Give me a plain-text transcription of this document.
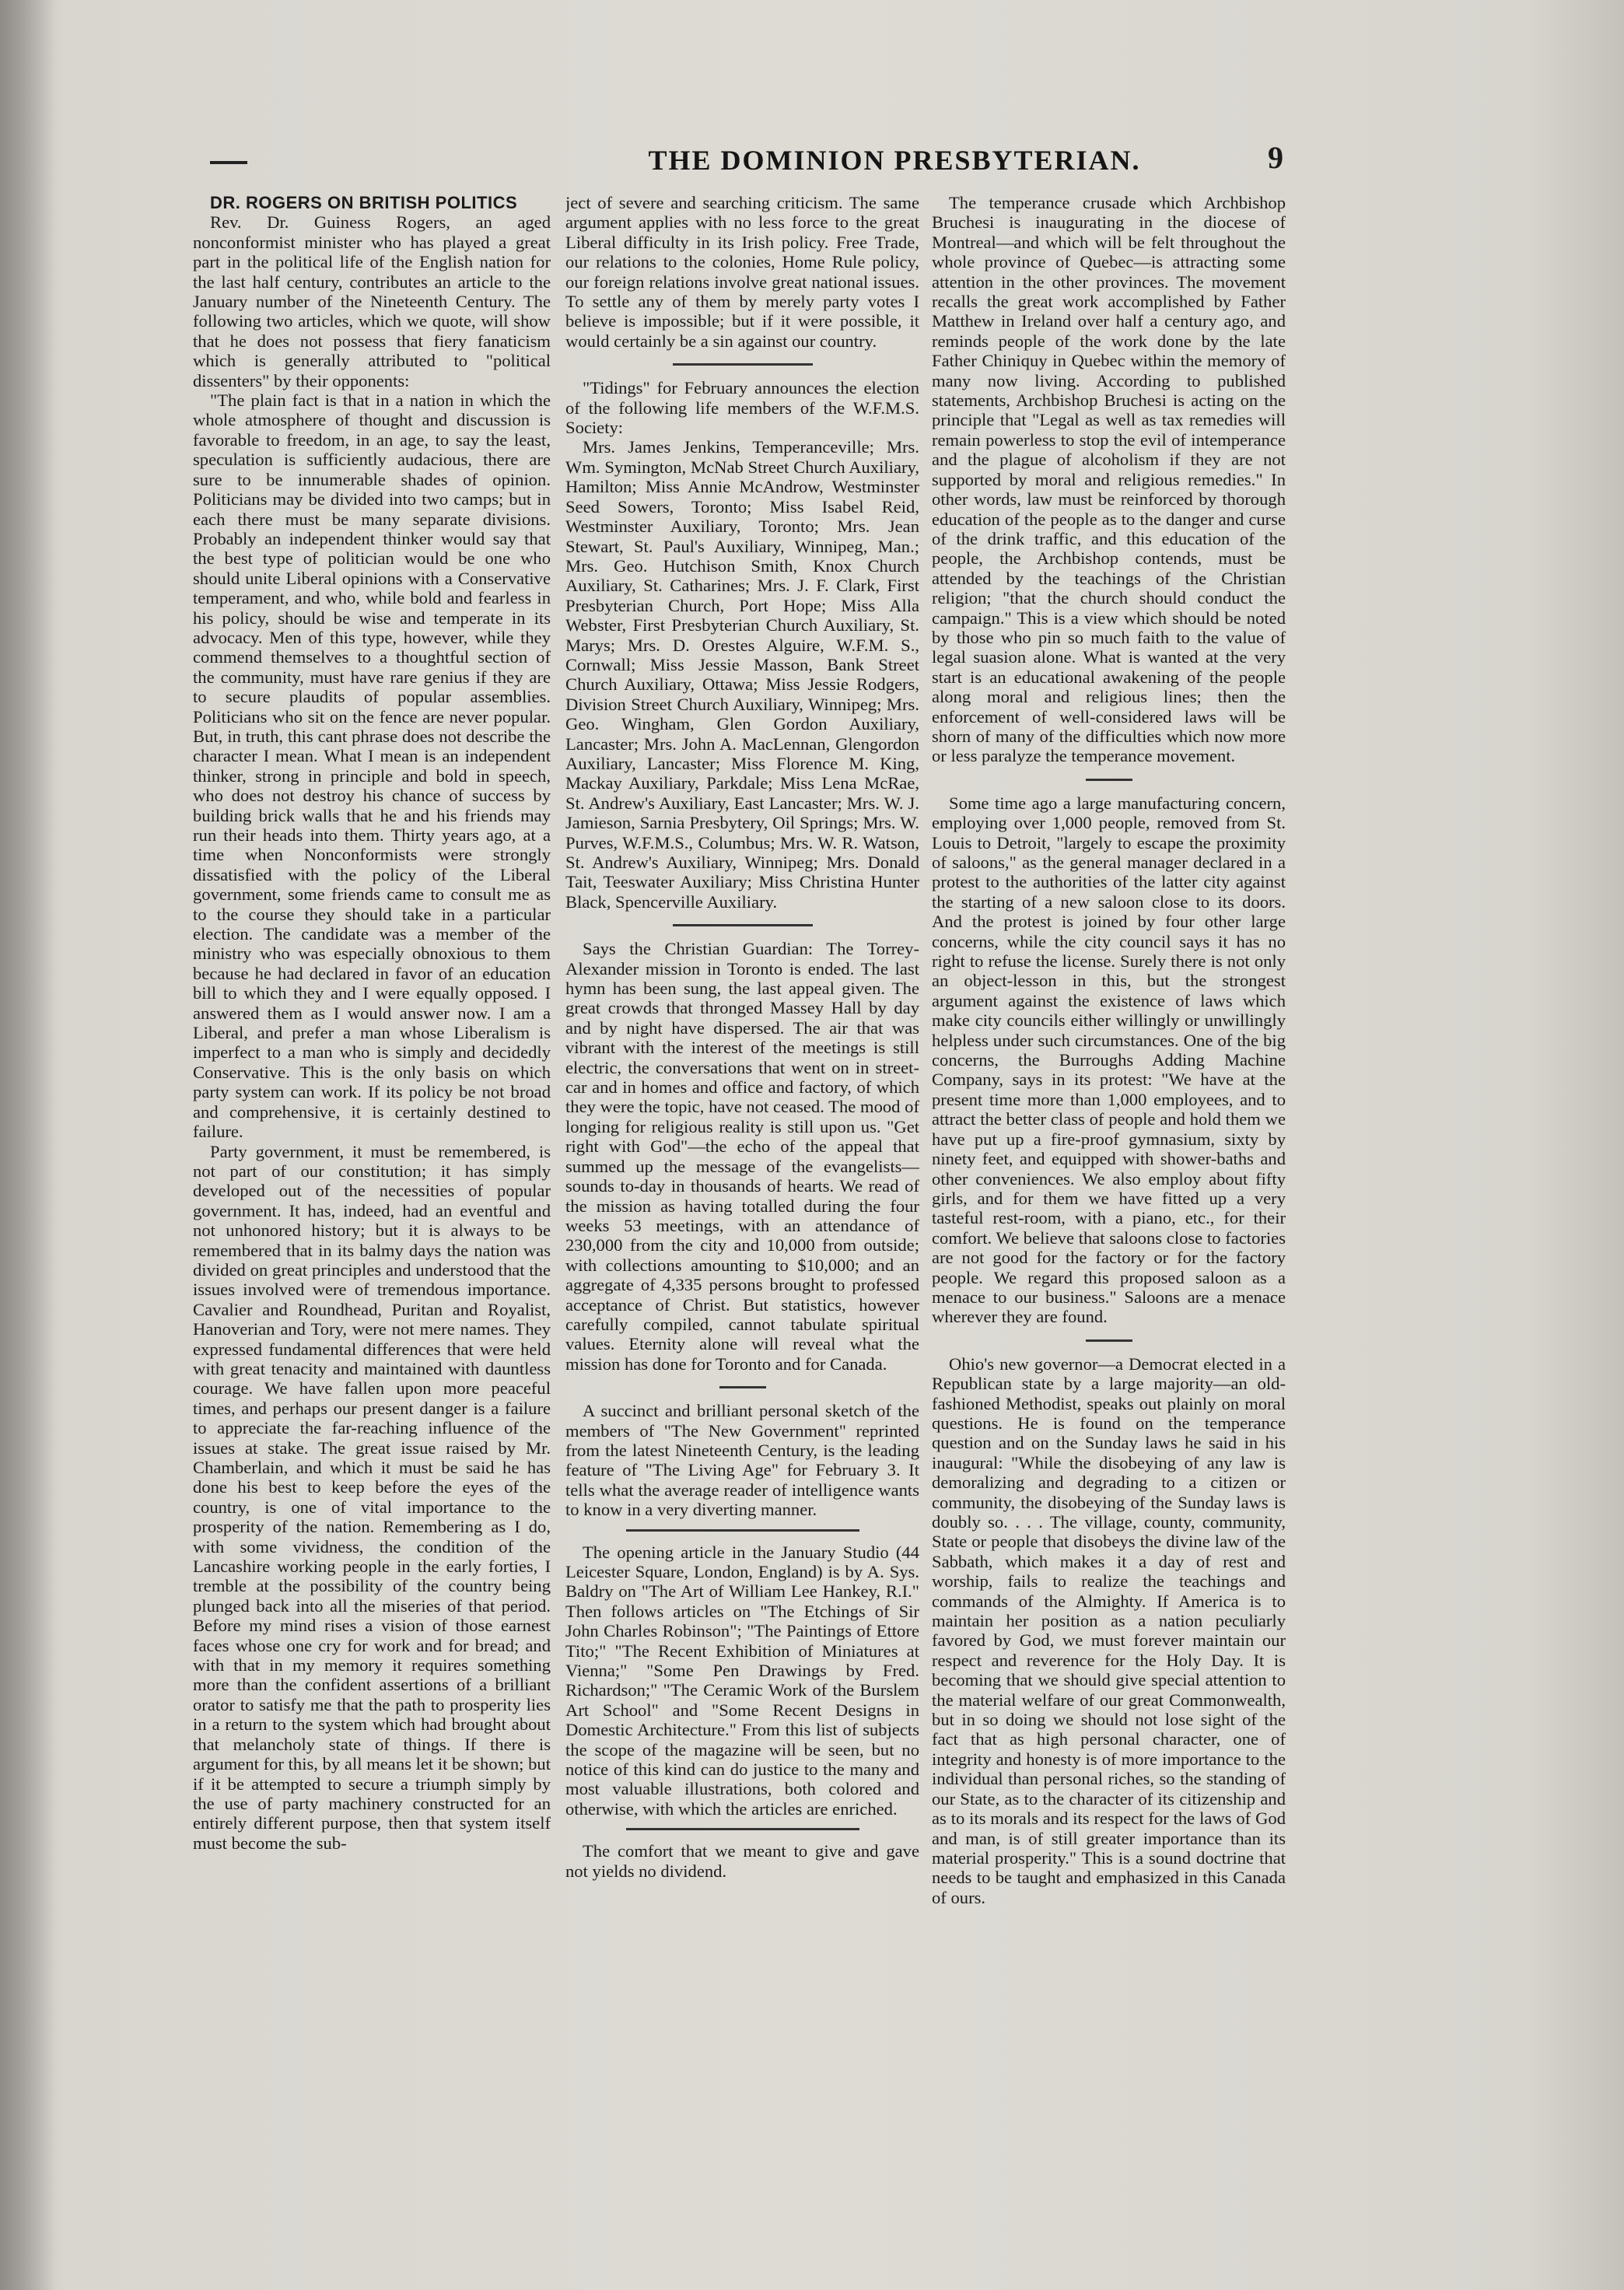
THE DOMINION PRESBYTERIAN.	9

DR. ROGERS ON BRITISH POLITICS

Rev. Dr. Guiness Rogers, an aged nonconformist minister who has played a great part in the political life of the English nation for the last half century, contributes an article to the January number of the Nineteenth Century. The following two articles, which we quote, will show that he does not possess that fiery fanaticism which is generally attributed to "political dissenters" by their opponents:

"The plain fact is that in a nation in which the whole atmosphere of thought and discussion is favorable to freedom, in an age, to say the least, speculation is sufficiently audacious, there are sure to be innumerable shades of opinion. Politicians may be divided into two camps; but in each there must be many separate divisions. Probably an independent thinker would say that the best type of politician would be one who should unite Liberal opinions with a Conservative temperament, and who, while bold and fearless in his policy, should be wise and temperate in its advocacy. Men of this type, however, while they commend themselves to a thoughtful section of the community, must have rare genius if they are to secure plaudits of popular assemblies. Politicians who sit on the fence are never popular. But, in truth, this cant phrase does not describe the character I mean. What I mean is an independent thinker, strong in principle and bold in speech, who does not destroy his chance of success by building brick walls that he and his friends may run their heads into them. Thirty years ago, at a time when Nonconformists were strongly dissatisfied with the policy of the Liberal government, some friends came to consult me as to the course they should take in a particular election. The candidate was a member of the ministry who was especially obnoxious to them because he had declared in favor of an education bill to which they and I were equally opposed. I answered them as I would answer now. I am a Liberal, and prefer a man whose Liberalism is imperfect to a man who is simply and decidedly Conservative. This is the only basis on which party system can work. If its policy be not broad and comprehensive, it is certainly destined to failure.

Party government, it must be remembered, is not part of our constitution; it has simply developed out of the necessities of popular government. It has, indeed, had an eventful and not unhonored history; but it is always to be remembered that in its balmy days the nation was divided on great principles and understood that the issues involved were of tremendous importance. Cavalier and Roundhead, Puritan and Royalist, Hanoverian and Tory, were not mere names. They expressed fundamental differences that were held with great tenacity and maintained with dauntless courage. We have fallen upon more peaceful times, and perhaps our present danger is a failure to appreciate the far-reaching influence of the issues at stake. The great issue raised by Mr. Chamberlain, and which it must be said he has done his best to keep before the eyes of the country, is one of vital importance to the prosperity of the nation. Remembering as I do, with some vividness, the condition of the Lancashire working people in the early forties, I tremble at the possibility of the country being plunged back into all the miseries of that period. Before my mind rises a vision of those earnest faces whose one cry for work and for bread; and with that in my memory it requires something more than the confident assertions of a brilliant orator to satisfy me that the path to prosperity lies in a return to the system which had brought about that melancholy state of things. If there is argument for this, by all means let it be shown; but if it be attempted to secure a triumph simply by the use of party machinery constructed for an entirely different purpose, then that system itself must become the sub-

ject of severe and searching criticism. The same argument applies with no less force to the great Liberal difficulty in its Irish policy. Free Trade, our relations to the colonies, Home Rule policy, our foreign relations involve great national issues. To settle any of them by merely party votes I believe is impossible; but if it were possible, it would certainly be a sin against our country.

"Tidings" for February announces the election of the following life members of the W.F.M.S. Society:

Mrs. James Jenkins, Temperanceville; Mrs. Wm. Symington, McNab Street Church Auxiliary, Hamilton; Miss Annie McAndrow, Westminster Seed Sowers, Toronto; Miss Isabel Reid, Westminster Auxiliary, Toronto; Mrs. Jean Stewart, St. Paul's Auxiliary, Winnipeg, Man.; Mrs. Geo. Hutchison Smith, Knox Church Auxiliary, St. Catharines; Mrs. J. F. Clark, First Presbyterian Church, Port Hope; Miss Alla Webster, First Presbyterian Church Auxiliary, St. Marys; Mrs. D. Orestes Alguire, W.F.M. S., Cornwall; Miss Jessie Masson, Bank Street Church Auxiliary, Ottawa; Miss Jessie Rodgers, Division Street Church Auxiliary, Winnipeg; Mrs. Geo. Wingham, Glen Gordon Auxiliary, Lancaster; Mrs. John A. MacLennan, Glengordon Auxiliary, Lancaster; Miss Florence M. King, Mackay Auxiliary, Parkdale; Miss Lena McRae, St. Andrew's Auxiliary, East Lancaster; Mrs. W. J. Jamieson, Sarnia Presbytery, Oil Springs; Mrs. W. Purves, W.F.M.S., Columbus; Mrs. W. R. Watson, St. Andrew's Auxiliary, Winnipeg; Mrs. Donald Tait, Teeswater Auxiliary; Miss Christina Hunter Black, Spencerville Auxiliary.

Says the Christian Guardian: The Torrey-Alexander mission in Toronto is ended. The last hymn has been sung, the last appeal given. The great crowds that thronged Massey Hall by day and by night have dispersed. The air that was vibrant with the interest of the meetings is still electric, the conversations that went on in street-car and in homes and office and factory, of which they were the topic, have not ceased. The mood of longing for religious reality is still upon us. "Get right with God"—the echo of the appeal that summed up the message of the evangelists—sounds to-day in thousands of hearts. We read of the mission as having totalled during the four weeks 53 meetings, with an attendance of 230,000 from the city and 10,000 from outside; with collections amounting to $10,000; and an aggregate of 4,335 persons brought to professed acceptance of Christ. But statistics, however carefully compiled, cannot tabulate spiritual values. Eternity alone will reveal what the mission has done for Toronto and for Canada.

A succinct and brilliant personal sketch of the members of "The New Government" reprinted from the latest Nineteenth Century, is the leading feature of "The Living Age" for February 3. It tells what the average reader of intelligence wants to know in a very diverting manner.

The opening article in the January Studio (44 Leicester Square, London, England) is by A. Sys. Baldry on "The Art of William Lee Hankey, R.I." Then follows articles on "The Etchings of Sir John Charles Robinson"; "The Paintings of Ettore Tito;" "The Recent Exhibition of Miniatures at Vienna;" "Some Pen Drawings by Fred. Richardson;" "The Ceramic Work of the Burslem Art School" and "Some Recent Designs in Domestic Architecture." From this list of subjects the scope of the magazine will be seen, but no notice of this kind can do justice to the many and most valuable illustrations, both colored and otherwise, with which the articles are enriched.

The comfort that we meant to give and gave not yields no dividend.

The temperance crusade which Archbishop Bruchesi is inaugurating in the diocese of Montreal—and which will be felt throughout the whole province of Quebec—is attracting some attention in the other provinces. The movement recalls the great work accomplished by Father Matthew in Ireland over half a century ago, and reminds people of the work done by the late Father Chiniquy in Quebec within the memory of many now living. According to published statements, Archbishop Bruchesi is acting on the principle that "Legal as well as tax remedies will remain powerless to stop the evil of intemperance and the plague of alcoholism if they are not supported by moral and religious remedies." In other words, law must be reinforced by thorough education of the people as to the danger and curse of the drink traffic, and this education of the people, the Archbishop contends, must be attended by the teachings of the Christian religion; "that the church should conduct the campaign." This is a view which should be noted by those who pin so much faith to the value of legal suasion alone. What is wanted at the very start is an educational awakening of the people along moral and religious lines; then the enforcement of well-considered laws will be shorn of many of the difficulties which now more or less paralyze the temperance movement.

Some time ago a large manufacturing concern, employing over 1,000 people, removed from St. Louis to Detroit, "largely to escape the proximity of saloons," as the general manager declared in a protest to the authorities of the latter city against the starting of a new saloon close to its doors. And the protest is joined by four other large concerns, while the city council says it has no right to refuse the license. Surely there is not only an object-lesson in this, but the strongest argument against the existence of laws which make city councils either willingly or unwillingly helpless under such circumstances. One of the big concerns, the Burroughs Adding Machine Company, says in its protest: "We have at the present time more than 1,000 employees, and to attract the better class of people and hold them we have put up a fire-proof gymnasium, sixty by ninety feet, and equipped with shower-baths and other conveniences. We also employ about fifty girls, and for them we have fitted up a very tasteful rest-room, with a piano, etc., for their comfort. We believe that saloons close to factories are not good for the factory or for the factory people. We regard this proposed saloon as a menace to our business." Saloons are a menace wherever they are found.

Ohio's new governor—a Democrat elected in a Republican state by a large majority—an old-fashioned Methodist, speaks out plainly on moral questions. He is found on the temperance question and on the Sunday laws he said in his inaugural: "While the disobeying of any law is demoralizing and degrading to a citizen or community, the disobeying of the Sunday laws is doubly so. . . . The village, county, community, State or people that disobeys the divine law of the Sabbath, which makes it a day of rest and worship, fails to realize the teachings and commands of the Almighty. If America is to maintain her position as a nation peculiarly favored by God, we must forever maintain our respect and reverence for the Holy Day. It is becoming that we should give special attention to the material welfare of our great Commonwealth, but in so doing we should not lose sight of the fact that as high personal character, one of integrity and honesty is of more importance to the individual than personal riches, so the standing of our State, as to the character of its citizenship and as to its morals and its respect for the laws of God and man, is of still greater importance than its material prosperity." This is a sound doctrine that needs to be taught and emphasized in this Canada of ours.
